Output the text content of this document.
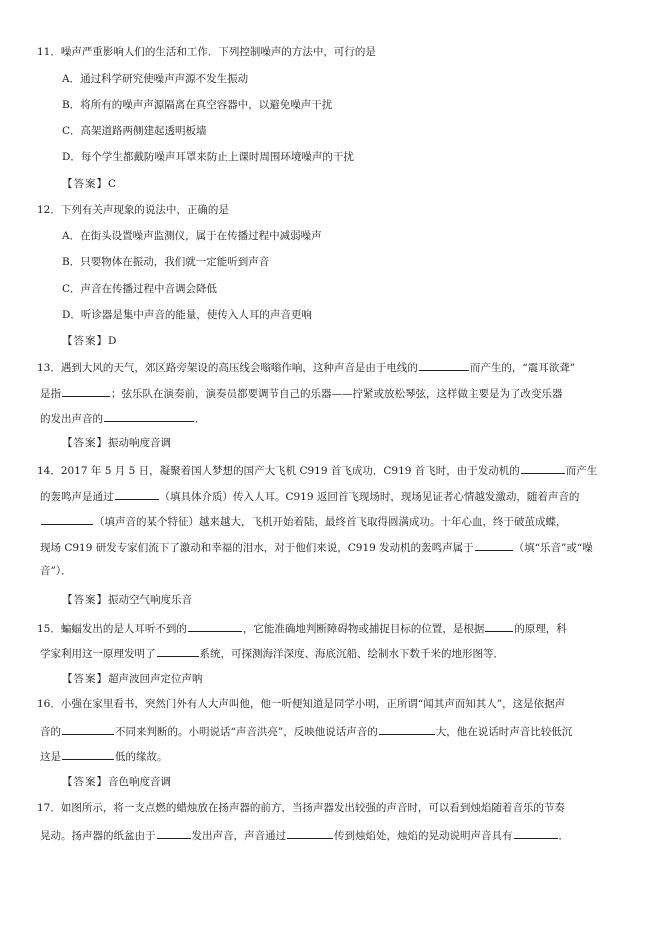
11．噪声严重影响人们的生活和工作．下列控制噪声的方法中，可行的是
A．通过科学研究使噪声声源不发生振动
B．将所有的噪声声源隔离在真空容器中，以避免噪声干扰
C．高架道路两侧建起透明板墙
D．每个学生都戴防噪声耳罩来防止上课时周围环境噪声的干扰
【答案】C
12．下列有关声现象的说法中，正确的是
A．在街头设置噪声监测仪，属于在传播过程中减弱噪声
B．只要物体在振动，我们就一定能听到声音
C．声音在传播过程中音调会降低
D．听诊器是集中声音的能量，使传入人耳的声音更响
【答案】D
13．遇到大风的天气，郊区路旁架设的高压线会嗡嗡作响，这种声音是由于电线的	而产生的，“震耳欲聋”
是指	；弦乐队在演奏前，演奏员都要调节自己的乐器——拧紧或放松琴弦，这样做主要是为了改变乐器
的发出声音的	．
【答案】振动响度音调
14．2017 年 5 月 5 日，凝聚着国人梦想的国产大飞机 C919 首飞成功．C919 首飞时，由于发动机的	而产生
的轰鸣声是通过	（填具体介质）传入人耳。C919 返回首飞现场时，现场见证者心情越发激动，随着声音的
（填声音的某个特征）越来越大，飞机开始着陆，最终首飞取得圆满成功。十年心血，终于破茧成蝶，
现场 C919 研发专家们流下了激动和幸福的泪水，对于他们来说，C919 发动机的轰鸣声属于	（填“乐音”或“噪
音”）．
【答案】振动空气响度乐音
15．蝙蝠发出的是人耳听不到的	，它能准确地判断障碍物或捕捉目标的位置，是根据	的原理，科
学家利用这一原理发明了	系统，可探测海洋深度、海底沉船、绘制水下数千米的地形图等．
【答案】超声波回声定位声呐
16．小强在家里看书，突然门外有人大声叫他，他一听便知道是同学小明，正所谓“闻其声而知其人”，这是依据声
音的	不同来判断的。小明说话“声音洪亮”，反映他说话声音的	大，他在说话时声音比较低沉
这是	低的缘故。
【答案】音色响度音调
17．如图所示，将一支点燃的蜡烛放在扬声器的前方，当扬声器发出较强的声音时，可以看到烛焰随着音乐的节奏
晃动。扬声器的纸盆由于	发出声音，声音通过	传到烛焰处，烛焰的晃动说明声音具有	．
